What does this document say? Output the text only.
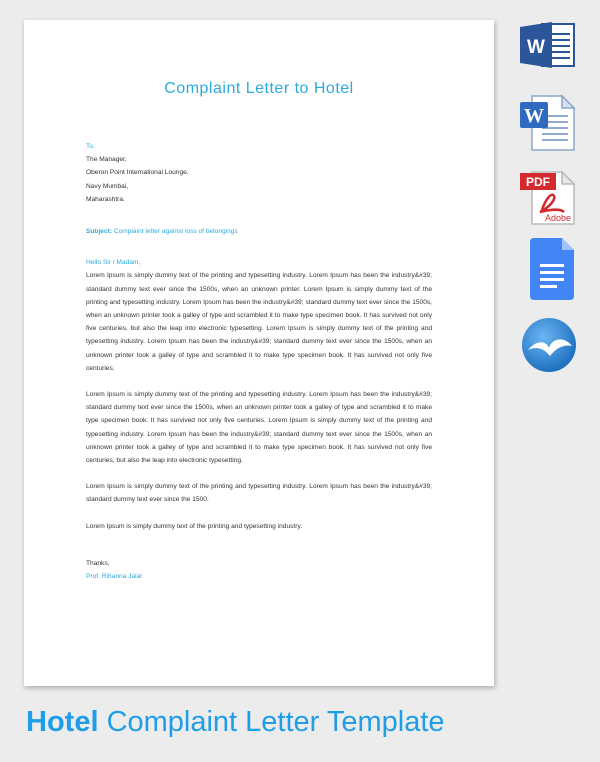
Complaint Letter to Hotel
To,
The Manager,
Oberon Point International Lounge,
Navy Mumbai,
Maharashtra.
Subject: Complaint letter against loss of belongings
Hello Sir / Madam,
Lorem Ipsum is simply dummy text of the printing and typesetting industry. Lorem Ipsum has been the industry&#39; standard dummy text ever since the 1500s, when an unknown printer. Lorem Ipsum is simply dummy text of the printing and typesetting industry. Lorem Ipsum has been the industry&#39; standard dummy text ever since the 1500s, when an unknown printer took a galley of type and scrambled it to make type specimen book. It has survived not only five centuries, but also the leap into electronic typesetting. Lorem Ipsum is simply dummy text of the printing and typesetting industry. Lorem Ipsum has been the industry&#39; standard dummy text ever since the 1500s, when an unknown printer took a galley of type and scrambled it to make type specimen book. It has survived not only five centuries.
Lorem Ipsum is simply dummy text of the printing and typesetting industry. Lorem Ipsum has been the industry&#39; standard dummy text ever since the 1500s, when an unknown printer took a galley of type and scrambled it to make type specimen book. It has survived not only five centuries. Lorem Ipsum is simply dummy text of the printing and typesetting industry. Lorem Ipsum has been the industry&#39; standard dummy text ever since the 1500s, when an unknown printer took a galley of type and scrambled it to make type specimen book. It has survived not only five centuries, but also the leap into electronic typesetting.
Lorem Ipsum is simply dummy text of the printing and typesetting industry. Lorem Ipsum has been the industry&#39; standard dummy text ever since the 1500.
Lorem Ipsum is simply dummy text of the printing and typesetting industry.
Thanks,
Prof. Rihanna Jalal
W
W
PDF
Adobe
Hotel Complaint Letter Template
